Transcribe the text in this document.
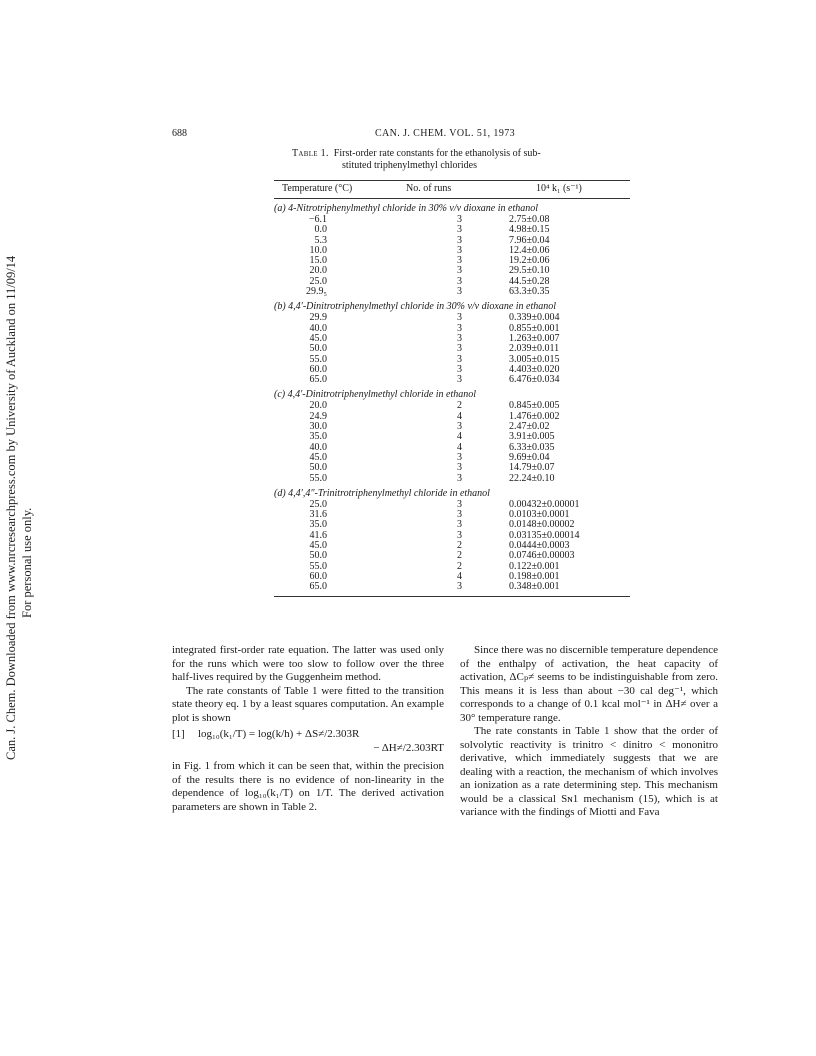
Can. J. Chem. Downloaded from www.nrcresearchpress.com by University of Auckland on 11/09/14 For personal use only.
688	CAN. J. CHEM. VOL. 51, 1973
Table 1. First-order rate constants for the ethanolysis of sub-
stituted triphenylmethyl chlorides
Temperature (°C)	No. of runs	10⁴ k₁ (s⁻¹)
(a) 4-Nitrotriphenylmethyl chloride in 30% v/v dioxane in ethanol
−6.1	3	2.75±0.08
0.0	3	4.98±0.15
5.3	3	7.96±0.04
10.0	3	12.4±0.06
15.0	3	19.2±0.06
20.0	3	29.5±0.10
25.0	3	44.5±0.28
29.9₅	3	63.3±0.35
(b) 4,4′-Dinitrotriphenylmethyl chloride in 30% v/v dioxane in ethanol
29.9	3	0.339±0.004
40.0	3	0.855±0.001
45.0	3	1.263±0.007
50.0	3	2.039±0.011
55.0	3	3.005±0.015
60.0	3	4.403±0.020
65.0	3	6.476±0.034
(c) 4,4′-Dinitrotriphenylmethyl chloride in ethanol
20.0	2	0.845±0.005
24.9	4	1.476±0.002
30.0	3	2.47±0.02
35.0	4	3.91±0.005
40.0	4	6.33±0.035
45.0	3	9.69±0.04
50.0	3	14.79±0.07
55.0	3	22.24±0.10
(d) 4,4′,4″-Trinitrotriphenylmethyl chloride in ethanol
25.0	3	0.00432±0.00001
31.6	3	0.0103±0.0001
35.0	3	0.0148±0.00002
41.6	3	0.03135±0.00014
45.0	2	0.0444±0.0003
50.0	2	0.0746±0.00003
55.0	2	0.122±0.001
60.0	4	0.198±0.001
65.0	3	0.348±0.001

integrated first-order rate equation. The latter was used only for the runs which were too slow to follow over the three half-lives required by the Guggenheim method.

The rate constants of Table 1 were fitted to the transition state theory eq. 1 by a least squares computation. An example plot is shown

[1] log₁₀(k₁/T) = log(k/h) + ΔS≠/2.303R
− ΔH≠/2.303RT

in Fig. 1 from which it can be seen that, within the precision of the results there is no evidence of non-linearity in the dependence of log₁₀(k₁/T) on 1/T. The derived activation parameters are shown in Table 2.

Since there was no discernible temperature dependence of the enthalpy of activation, the heat capacity of activation, ΔCₚ≠ seems to be indistinguishable from zero. This means it is less than about −30 cal deg⁻¹, which corresponds to a change of 0.1 kcal mol⁻¹ in ΔH≠ over a 30° temperature range.

The rate constants in Table 1 show that the order of solvolytic reactivity is trinitro < dinitro < mononitro derivative, which immediately suggests that we are dealing with a reaction, the mechanism of which involves an ionization as a rate determining step. This mechanism would be a classical Sɴ1 mechanism (15), which is at variance with the findings of Miotti and Fava
